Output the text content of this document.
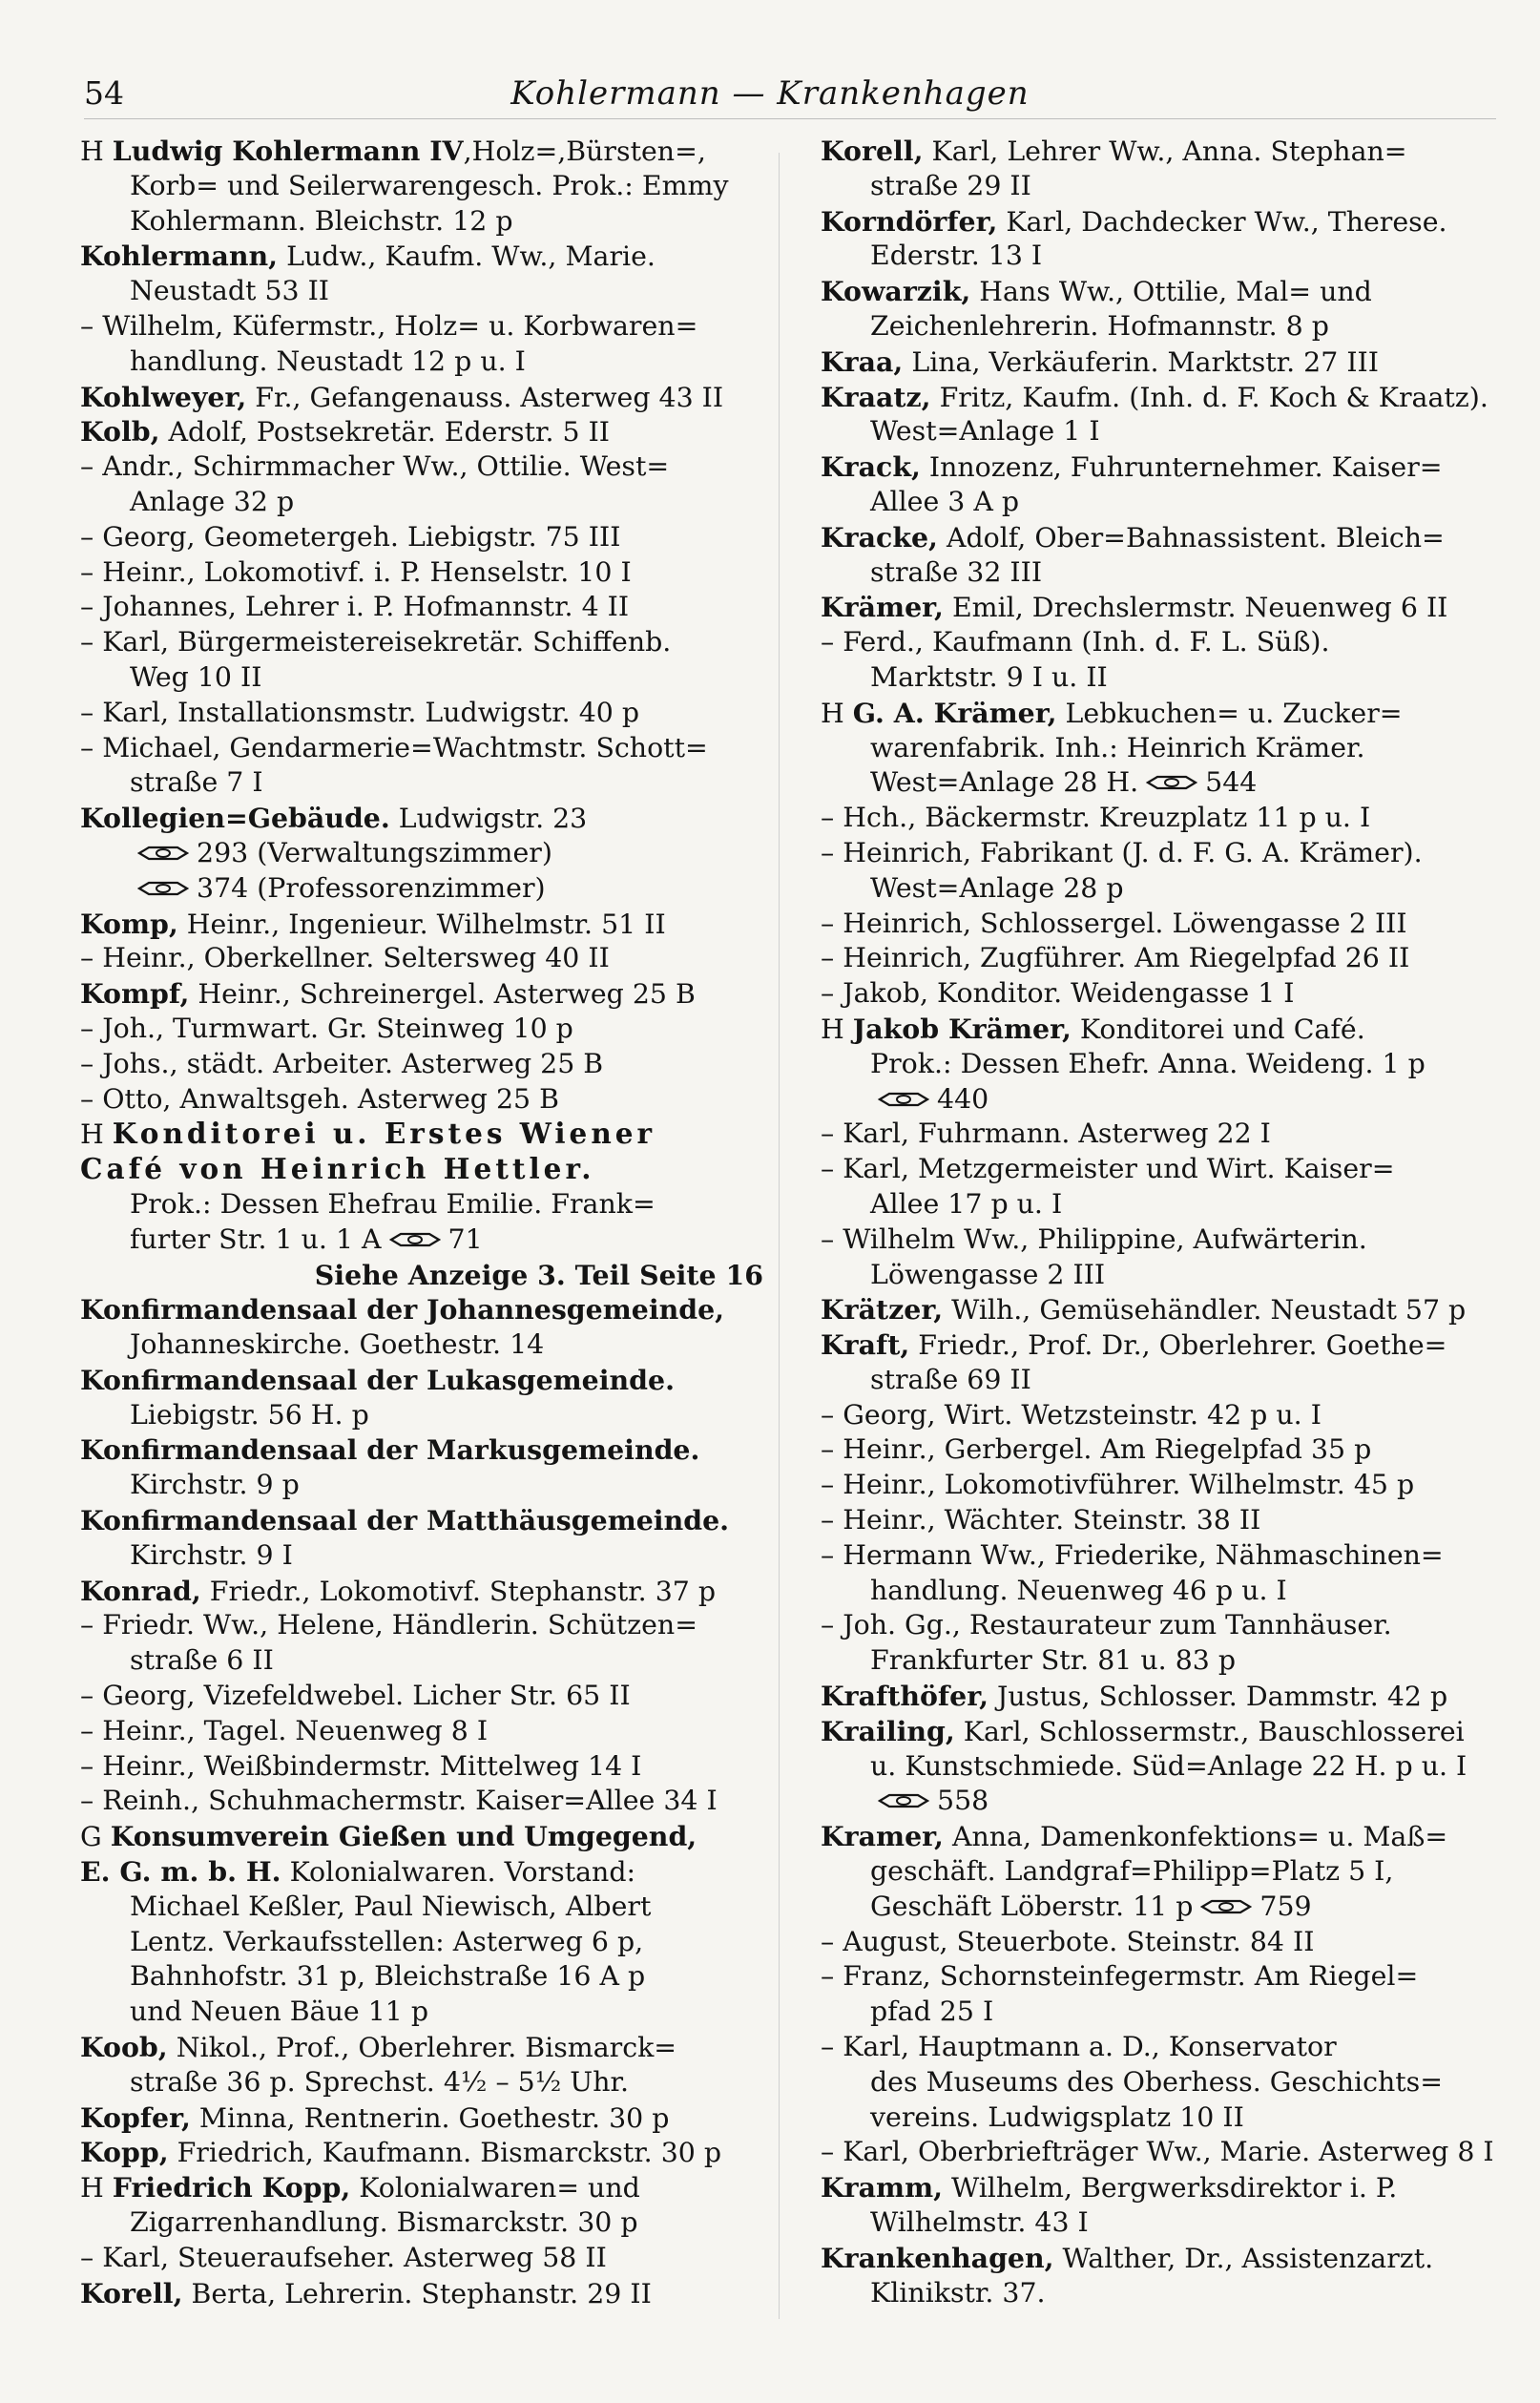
54	Kohlermann — Krankenhagen
H Ludwig Kohlermann IV,Holz=,Bürsten=,
Korb= und Seilerwarengesch. Prok.: Emmy
Kohlermann. Bleichstr. 12 p
Kohlermann, Ludw., Kaufm. Ww., Marie.
Neustadt 53 II
– Wilhelm, Küfermstr., Holz= u. Korbwaren=
handlung. Neustadt 12 p u. I
Kohlweyer, Fr., Gefangenauss. Asterweg 43 II
Kolb, Adolf, Postsekretär. Ederstr. 5 II
– Andr., Schirmmacher Ww., Ottilie. West=
Anlage 32 p
– Georg, Geometergeh. Liebigstr. 75 III
– Heinr., Lokomotivf. i. P. Henselstr. 10 I
– Johannes, Lehrer i. P. Hofmannstr. 4 II
– Karl, Bürgermeistereisekretär. Schiffenb.
Weg 10 II
– Karl, Installationsmstr. Ludwigstr. 40 p
– Michael, Gendarmerie=Wachtmstr. Schott=
straße 7 I
Kollegien=Gebäude. Ludwigstr. 23
293 (Verwaltungszimmer)
374 (Professorenzimmer)
Komp, Heinr., Ingenieur. Wilhelmstr. 51 II
– Heinr., Oberkellner. Seltersweg 40 II
Kompf, Heinr., Schreinergel. Asterweg 25 B
– Joh., Turmwart. Gr. Steinweg 10 p
– Johs., städt. Arbeiter. Asterweg 25 B
– Otto, Anwaltsgeh. Asterweg 25 B
H Konditorei u. Erstes Wiener
Café von Heinrich Hettler.
Prok.: Dessen Ehefrau Emilie. Frank=
furter Str. 1 u. 1 A 71
Siehe Anzeige 3. Teil Seite 16
Konfirmandensaal der Johannesgemeinde,
Johanneskirche. Goethestr. 14
Konfirmandensaal der Lukasgemeinde.
Liebigstr. 56 H. p
Konfirmandensaal der Markusgemeinde.
Kirchstr. 9 p
Konfirmandensaal der Matthäusgemeinde.
Kirchstr. 9 I
Konrad, Friedr., Lokomotivf. Stephanstr. 37 p
– Friedr. Ww., Helene, Händlerin. Schützen=
straße 6 II
– Georg, Vizefeldwebel. Licher Str. 65 II
– Heinr., Tagel. Neuenweg 8 I
– Heinr., Weißbindermstr. Mittelweg 14 I
– Reinh., Schuhmachermstr. Kaiser=Allee 34 I
G Konsumverein Gießen und Umgegend,
E. G. m. b. H. Kolonialwaren. Vorstand:
Michael Keßler, Paul Niewisch, Albert
Lentz. Verkaufsstellen: Asterweg 6 p,
Bahnhofstr. 31 p, Bleichstraße 16 A p
und Neuen Bäue 11 p
Koob, Nikol., Prof., Oberlehrer. Bismarck=
straße 36 p. Sprechst. 4½ – 5½ Uhr.
Kopfer, Minna, Rentnerin. Goethestr. 30 p
Kopp, Friedrich, Kaufmann. Bismarckstr. 30 p
H Friedrich Kopp, Kolonialwaren= und
Zigarrenhandlung. Bismarckstr. 30 p
– Karl, Steueraufseher. Asterweg 58 II
Korell, Berta, Lehrerin. Stephanstr. 29 II
Korell, Karl, Lehrer Ww., Anna. Stephan=
straße 29 II
Korndörfer, Karl, Dachdecker Ww., Therese.
Ederstr. 13 I
Kowarzik, Hans Ww., Ottilie, Mal= und
Zeichenlehrerin. Hofmannstr. 8 p
Kraa, Lina, Verkäuferin. Marktstr. 27 III
Kraatz, Fritz, Kaufm. (Inh. d. F. Koch & Kraatz).
West=Anlage 1 I
Krack, Innozenz, Fuhrunternehmer. Kaiser=
Allee 3 A p
Kracke, Adolf, Ober=Bahnassistent. Bleich=
straße 32 III
Krämer, Emil, Drechslermstr. Neuenweg 6 II
– Ferd., Kaufmann (Inh. d. F. L. Süß).
Marktstr. 9 I u. II
H G. A. Krämer, Lebkuchen= u. Zucker=
warenfabrik. Inh.: Heinrich Krämer.
West=Anlage 28 H. 544
– Hch., Bäckermstr. Kreuzplatz 11 p u. I
– Heinrich, Fabrikant (J. d. F. G. A. Krämer).
West=Anlage 28 p
– Heinrich, Schlossergel. Löwengasse 2 III
– Heinrich, Zugführer. Am Riegelpfad 26 II
– Jakob, Konditor. Weidengasse 1 I
H Jakob Krämer, Konditorei und Café.
Prok.: Dessen Ehefr. Anna. Weideng. 1 p
440
– Karl, Fuhrmann. Asterweg 22 I
– Karl, Metzgermeister und Wirt. Kaiser=
Allee 17 p u. I
– Wilhelm Ww., Philippine, Aufwärterin.
Löwengasse 2 III
Krätzer, Wilh., Gemüsehändler. Neustadt 57 p
Kraft, Friedr., Prof. Dr., Oberlehrer. Goethe=
straße 69 II
– Georg, Wirt. Wetzsteinstr. 42 p u. I
– Heinr., Gerbergel. Am Riegelpfad 35 p
– Heinr., Lokomotivführer. Wilhelmstr. 45 p
– Heinr., Wächter. Steinstr. 38 II
– Hermann Ww., Friederike, Nähmaschinen=
handlung. Neuenweg 46 p u. I
– Joh. Gg., Restaurateur zum Tannhäuser.
Frankfurter Str. 81 u. 83 p
Krafthöfer, Justus, Schlosser. Dammstr. 42 p
Krailing, Karl, Schlossermstr., Bauschlosserei
u. Kunstschmiede. Süd=Anlage 22 H. p u. I
558
Kramer, Anna, Damenkonfektions= u. Maß=
geschäft. Landgraf=Philipp=Platz 5 I,
Geschäft Löberstr. 11 p 759
– August, Steuerbote. Steinstr. 84 II
– Franz, Schornsteinfegermstr. Am Riegel=
pfad 25 I
– Karl, Hauptmann a. D., Konservator
des Museums des Oberhess. Geschichts=
vereins. Ludwigsplatz 10 II
– Karl, Oberbriefträger Ww., Marie. Asterweg 8 I
Kramm, Wilhelm, Bergwerksdirektor i. P.
Wilhelmstr. 43 I
Krankenhagen, Walther, Dr., Assistenzarzt.
Klinikstr. 37.
